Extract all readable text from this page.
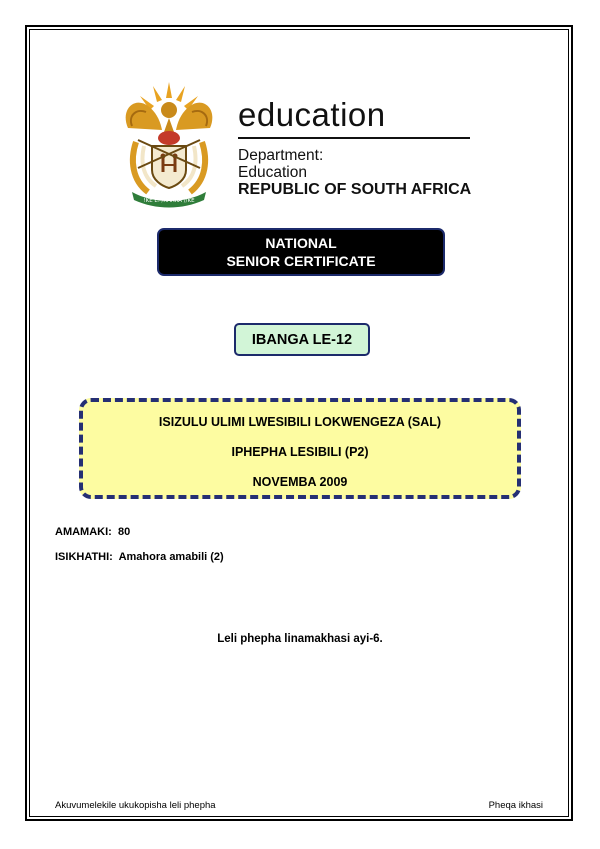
!KE E: /XARRA //KE
education
Department:
Education
REPUBLIC OF SOUTH AFRICA
NATIONAL
SENIOR CERTIFICATE
IBANGA LE-12
ISIZULU ULIMI LWESIBILI LOKWENGEZA (SAL)
IPHEPHA LESIBILI (P2)
NOVEMBA 2009
AMAMAKI: 80
ISIKHATHI: Amahora amabili (2)
Leli phepha linamakhasi ayi-6.
Akuvumelekile ukukopisha leli phepha	Pheqa ikhasi
